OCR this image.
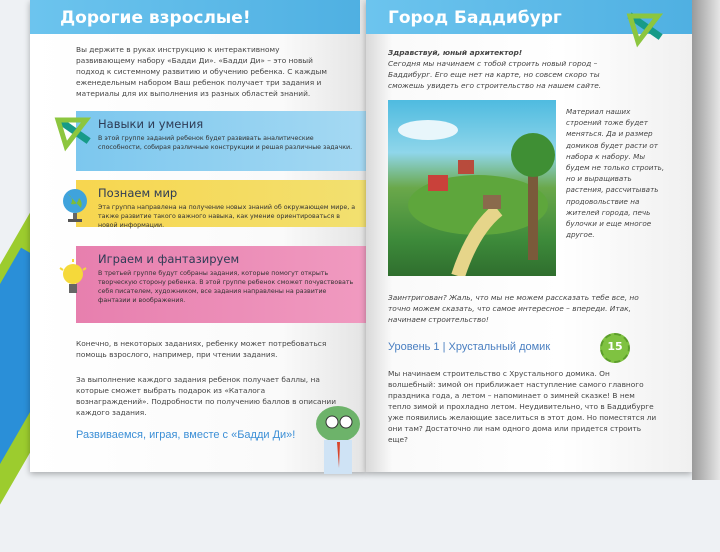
Дорогие взрослые!
Вы держите в руках инструкцию к интерактивному развивающему набору «Бадди Ди». «Бадди Ди» – это новый подход к системному развитию и обучению ребенка. С каждым еженедельным набором Ваш ребенок получает три задания и материалы для их выполнения из разных областей знаний.
Навыки и умения
В этой группе заданий ребенок будет развивать аналитические способности, собирая различные конструкции и решая различные задачки.
Познаем мир
Эта группа направлена на получение новых знаний об окружающем мире, а также развитие такого важного навыка, как умение ориентироваться в новой информации.
Играем и фантазируем
В третьей группе будут собраны задания, которые помогут открыть творческую сторону ребенка. В этой группе ребенок сможет почувствовать себя писателем, художником, все задания направлены на развитие фантазии и воображения.
Конечно, в некоторых заданиях, ребенку может потребоваться помощь взрослого, например, при чтении задания.
За выполнение каждого задания ребенок получает баллы, на которые сможет выбрать подарок из «Каталога вознаграждений». Подробности по получению баллов в описании каждого задания.
Развиваемся, играя, вместе с «Бадди Ди»!
Город Баддибург
Здравствуй, юный архитектор!
Сегодня мы начинаем с тобой строить новый город – Баддибург. Его еще нет на карте, но совсем скоро ты сможешь увидеть его строительство на нашем сайте.
Материал наших строений тоже будет меняться. Да и размер домиков будет расти от набора к набору. Мы будем не только строить, но и выращивать растения, рассчитывать продовольствие на жителей города, печь булочки и еще многое другое.
Заинтригован? Жаль, что мы не можем рассказать тебе все, но точно можем сказать, что самое интересное – впереди. Итак, начинаем строительство!
Уровень 1 | Хрустальный домик
Мы начинаем строительство с Хрустального домика. Он волшебный: зимой он приближает наступление самого главного праздника года, а летом – напоминает о зимней сказке! В нем тепло зимой и прохладно летом. Неудивительно, что в Баддибурге уже появились желающие заселиться в этот дом. Но поместятся ли они там? Достаточно ли нам одного дома или придется строить еще?
15
